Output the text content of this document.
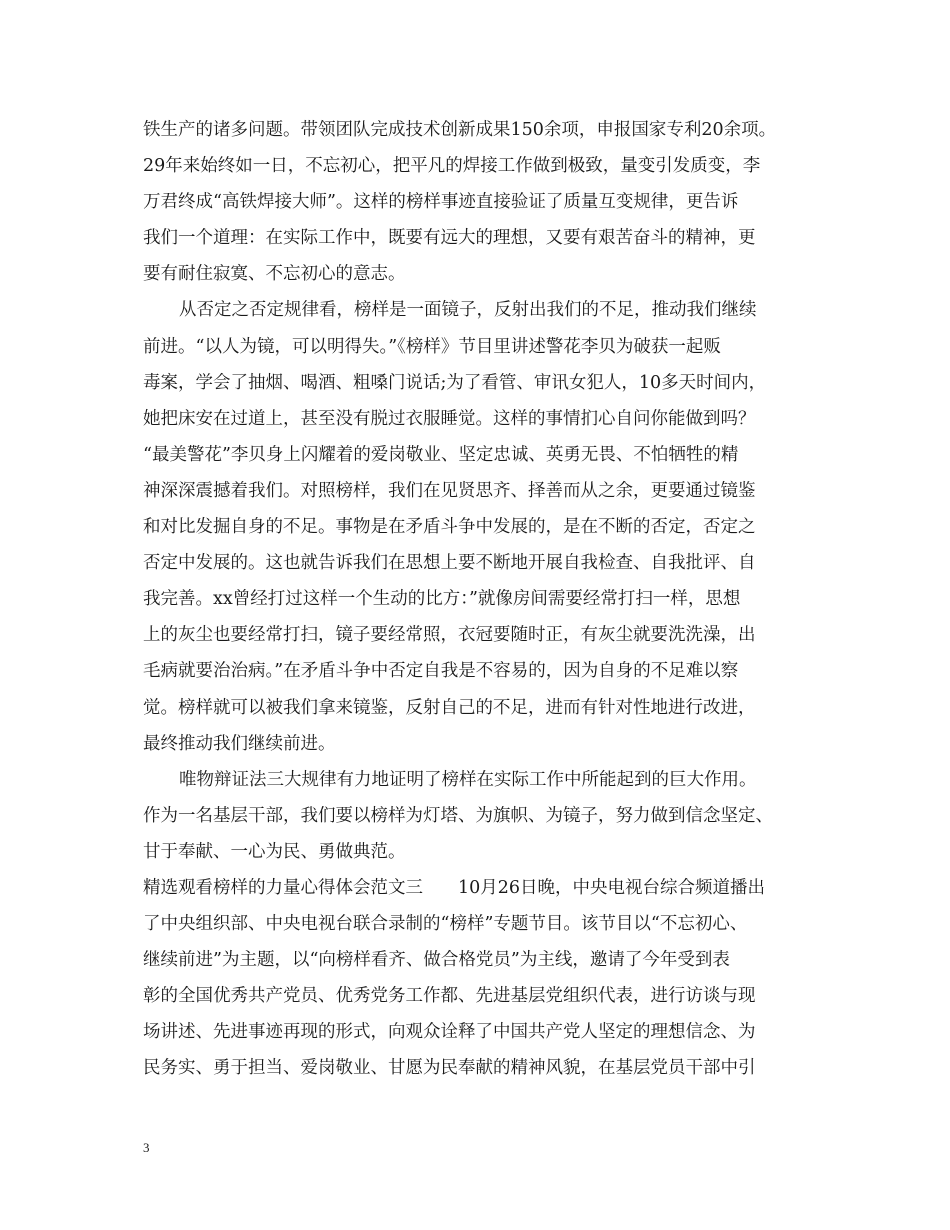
铁生产的诸多问题。带领团队完成技术创新成果150余项，申报国家专利20余项。
29年来始终如一日，不忘初心，把平凡的焊接工作做到极致，量变引发质变，李
万君终成“高铁焊接大师”。这样的榜样事迹直接验证了质量互变规律，更告诉
我们一个道理：在实际工作中，既要有远大的理想，又要有艰苦奋斗的精神，更
要有耐住寂寞、不忘初心的意志。
从否定之否定规律看，榜样是一面镜子，反射出我们的不足，推动我们继续
前进。“以人为镜，可以明得失。”《榜样》节目里讲述警花李贝为破获一起贩
毒案，学会了抽烟、喝酒、粗嗓门说话;为了看管、审讯女犯人，10多天时间内，
她把床安在过道上，甚至没有脱过衣服睡觉。这样的事情扪心自问你能做到吗？
“最美警花”李贝身上闪耀着的爱岗敬业、坚定忠诚、英勇无畏、不怕牺牲的精
神深深震撼着我们。对照榜样，我们在见贤思齐、择善而从之余，更要通过镜鉴
和对比发掘自身的不足。事物是在矛盾斗争中发展的，是在不断的否定，否定之
否定中发展的。这也就告诉我们在思想上要不断地开展自我检查、自我批评、自
我完善。xx曾经打过这样一个生动的比方：”就像房间需要经常打扫一样，思想
上的灰尘也要经常打扫，镜子要经常照，衣冠要随时正，有灰尘就要洗洗澡，出
毛病就要治治病。”在矛盾斗争中否定自我是不容易的，因为自身的不足难以察
觉。榜样就可以被我们拿来镜鉴，反射自己的不足，进而有针对性地进行改进，
最终推动我们继续前进。
唯物辩证法三大规律有力地证明了榜样在实际工作中所能起到的巨大作用。
作为一名基层干部，我们要以榜样为灯塔、为旗帜、为镜子，努力做到信念坚定、
甘于奉献、一心为民、勇做典范。
精选观看榜样的力量心得体会范文三　　10月26日晚，中央电视台综合频道播出
了中央组织部、中央电视台联合录制的“榜样”专题节目。该节目以“不忘初心、
继续前进”为主题，以“向榜样看齐、做合格党员”为主线，邀请了今年受到表
彰的全国优秀共产党员、优秀党务工作都、先进基层党组织代表，进行访谈与现
场讲述、先进事迹再现的形式，向观众诠释了中国共产党人坚定的理想信念、为
民务实、勇于担当、爱岗敬业、甘愿为民奉献的精神风貌，在基层党员干部中引
3
